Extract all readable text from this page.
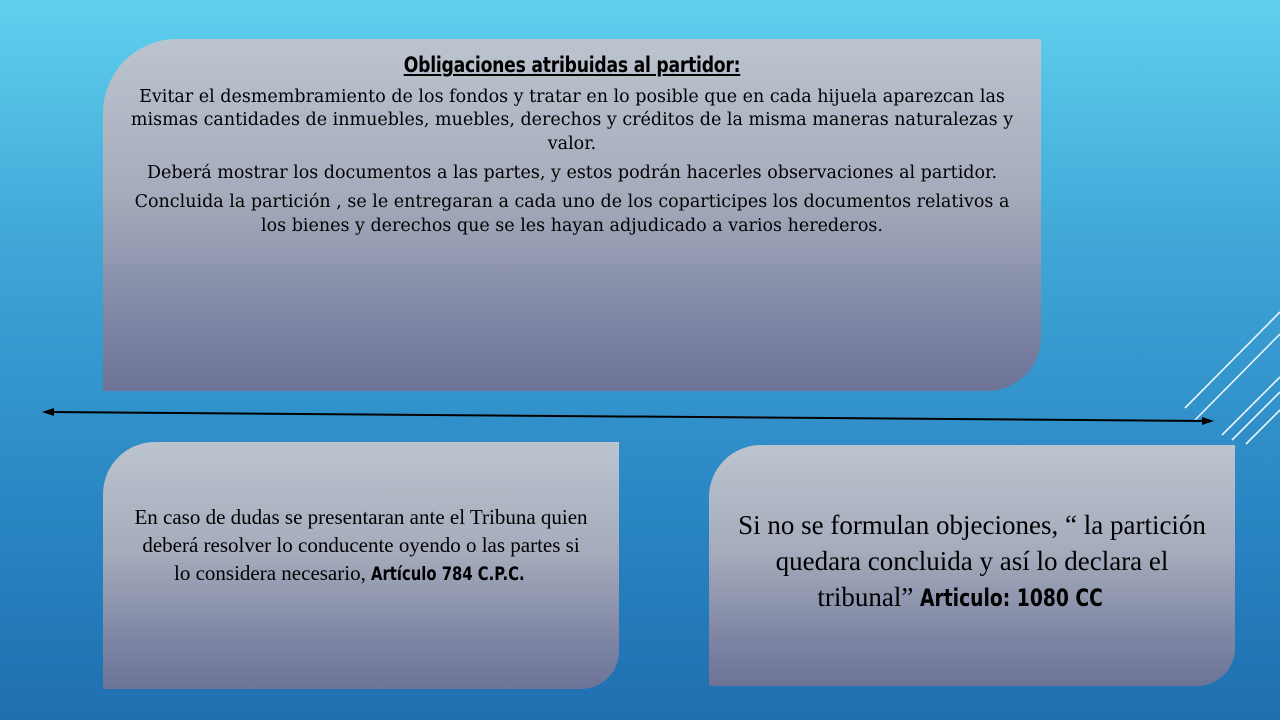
Obligaciones atribuidas al partidor:

Evitar el desmembramiento de los fondos y tratar en lo posible que en cada hijuela aparezcan las mismas cantidades de inmuebles, muebles, derechos y créditos de la misma maneras naturalezas y valor.

Deberá mostrar los documentos a las partes, y estos podrán hacerles observaciones al partidor.

Concluida la partición , se le entregaran a cada uno de los coparticipes los documentos relativos a los bienes y derechos que se les hayan adjudicado a varios herederos.

En caso de dudas se presentaran ante el Tribuna quien deberá resolver lo conducente oyendo o las partes si lo considera necesario, Artículo 784 C.P.C.

Si no se formulan objeciones, “ la partición quedara concluida y así lo declara el tribunal” Articulo: 1080 CC
